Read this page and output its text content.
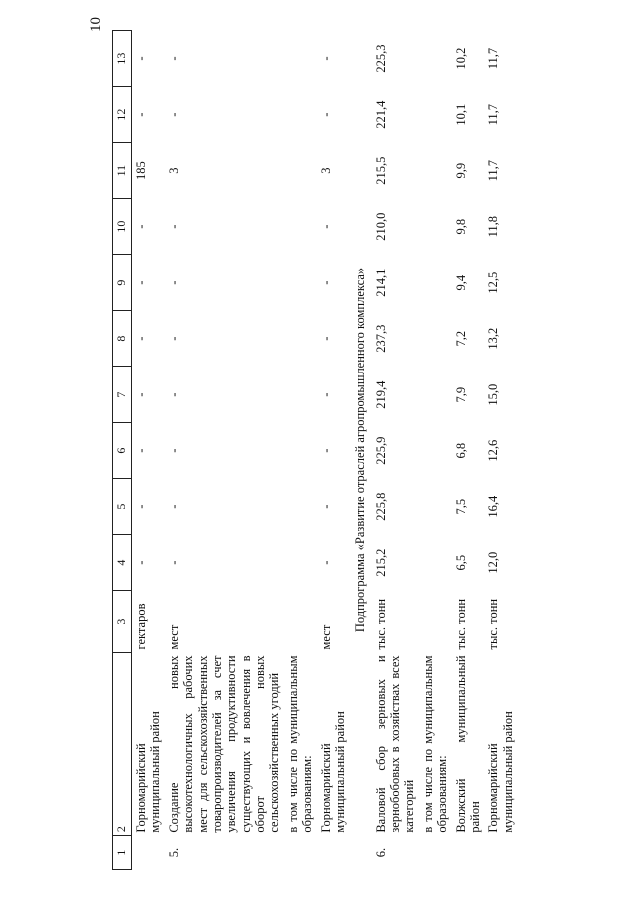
10
1	2	3	4	5	6	7	8	9	10	11	12	13
	Горномарийский муниципальный район	гектаров	-	-	-	-	-	-	-	185	-	-
5.	Создание новых высокотехнологичных рабочих мест для сельскохозяйственных товаропроизводителей за счет увеличения продуктивности существующих и вовлечения в оборот новых сельскохозяйственных угодий	мест	-	-	-	-	-	-	-	3	-	-
	в том числе по муниципальным образованиям:											
	Горномарийский муниципальный район	мест	-	-	-	-	-	-	-	3	-	-
Подпрограмма «Развитие отраслей агропромышленного комплекса»												
6.	Валовой сбор зерновых и зернобобовых в хозяйствах всех категорий	тыс. тонн	215,2	225,8	225,9	219,4	237,3	214,1	210,0	215,5	221,4	225,3
	в том числе по муниципальным образованиям:											
	Волжский муниципальный район	тыс. тонн	6,5	7,5	6,8	7,9	7,2	9,4	9,8	9,9	10,1	10,2
	Горномарийский муниципальный район	тыс. тонн	12,0	16,4	12,6	15,0	13,2	12,5	11,8	11,7	11,7	11,7
